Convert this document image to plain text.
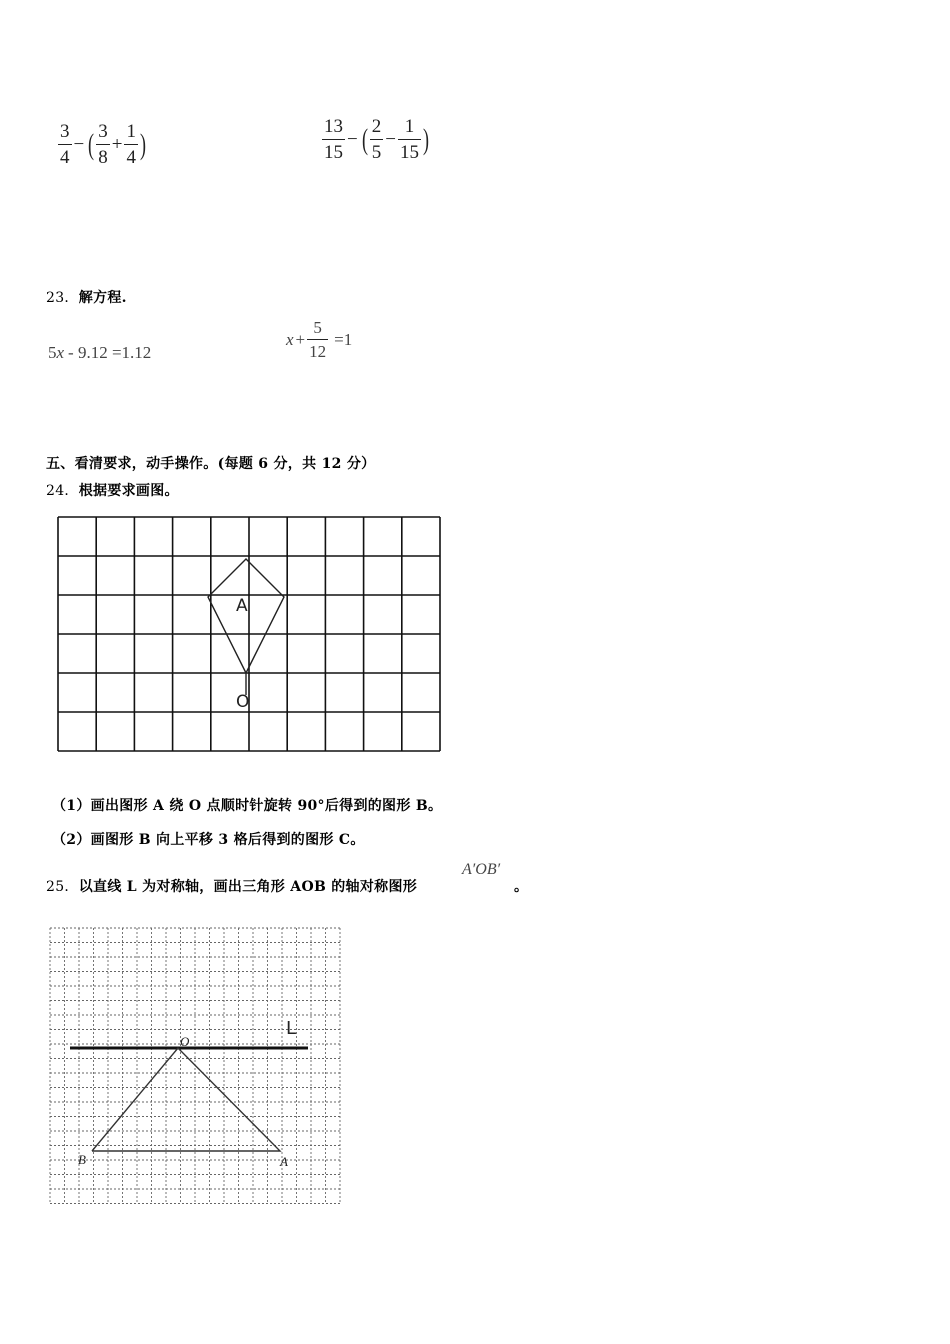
$\frac{3}{4}$ − ( $\frac{3}{8} + \frac{1}{4}$ )	$\frac{13}{15}$ − ( $\frac{2}{5} - \frac{1}{15}$ )
23．解方程.
5 x - 9.12 =1.12
$x + \frac{5}{12} =1$
五、看清要求，动手操作。(每题 6 分，共 12 分）
24．根据要求画图。
A
O
（1）画出图形 A 绕 O 点顺时针旋转 90°后得到的图形 B。
（2）画图形 B 向上平移 3 格后得到的图形 C。
25．以直线 L 为对称轴，画出三角形 AOB 的轴对称图形
A′OB′
。
L
O
B	A
